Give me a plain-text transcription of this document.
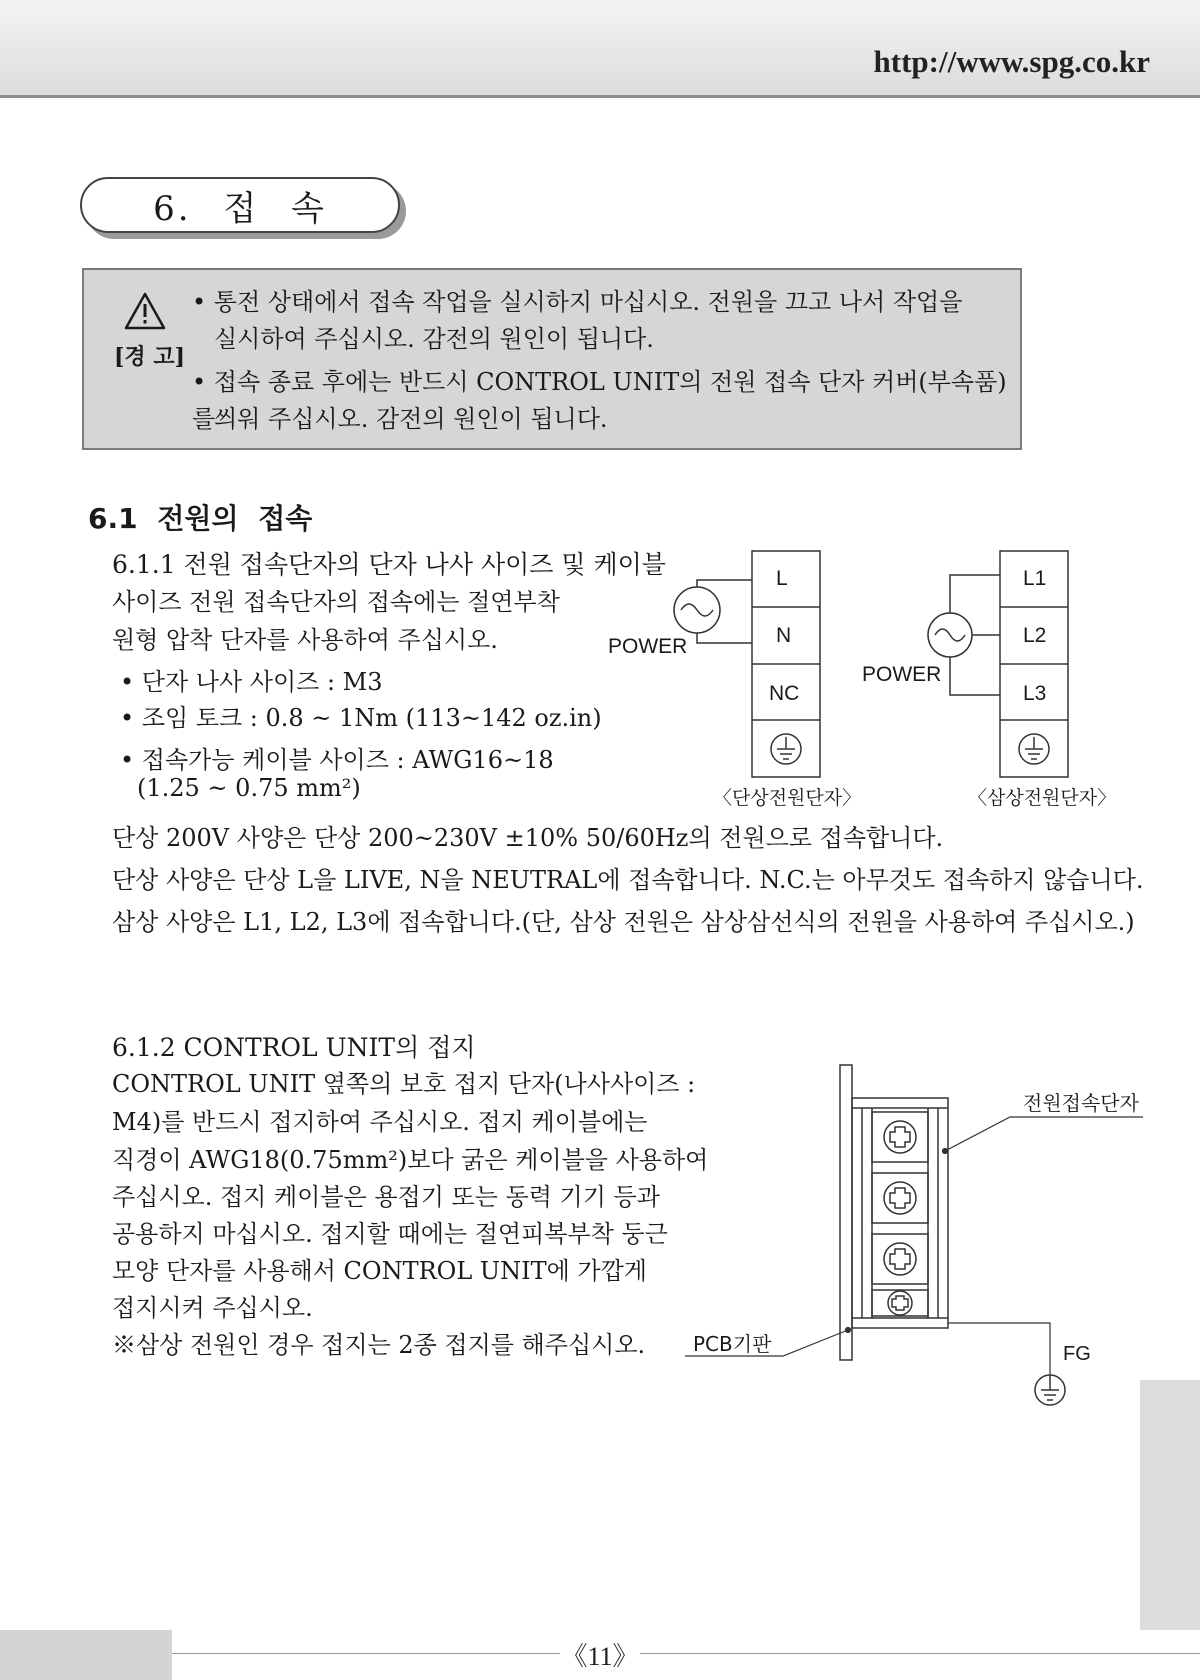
http://www.spg.co.kr
6. 접 속
[경 고]
• 통전 상태에서 접속 작업을 실시하지 마십시오. 전원을 끄고 나서 작업을
실시하여 주십시오. 감전의 원인이 됩니다.
• 접속 종료 후에는 반드시 CONTROL UNIT의 전원 접속 단자 커버(부속품)를
씌워 주십시오. 감전의 원인이 됩니다.
6.1 전원의 접속
6.1.1 전원 접속단자의 단자 나사 사이즈 및 케이블
사이즈 전원 접속단자의 접속에는 절연부착
원형 압착 단자를 사용하여 주십시오.
• 단자 나사 사이즈 : M3
• 조임 토크 : 0.8 ~ 1Nm (113~142 oz.in)
• 접속가능 케이블 사이즈 : AWG16~18
(1.25 ~ 0.75 mm²)
단상 200V 사양은 단상 200~230V ±10% 50/60Hz의 전원으로 접속합니다.
단상 사양은 단상 L을 LIVE, N을 NEUTRAL에 접속합니다. N.C.는 아무것도 접속하지 않습니다.
삼상 사양은 L1, L2, L3에 접속합니다.(단, 삼상 전원은 삼상삼선식의 전원을 사용하여 주십시오.)
L
N
NC
POWER
〈단상전원단자〉
L1
L2
L3
POWER
〈삼상전원단자〉
6.1.2 CONTROL UNIT의 접지
CONTROL UNIT 옆쪽의 보호 접지 단자(나사사이즈 :
M4)를 반드시 접지하여 주십시오. 접지 케이블에는
직경이 AWG18(0.75mm²)보다 굵은 케이블을 사용하여
주십시오. 접지 케이블은 용접기 또는 동력 기기 등과
공용하지 마십시오. 접지할 때에는 절연피복부착 둥근
모양 단자를 사용해서 CONTROL UNIT에 가깝게
접지시켜 주십시오.
※삼상 전원인 경우 접지는 2종 접지를 해주십시오.
전원접속단자
PCB기판	FG
《11》
